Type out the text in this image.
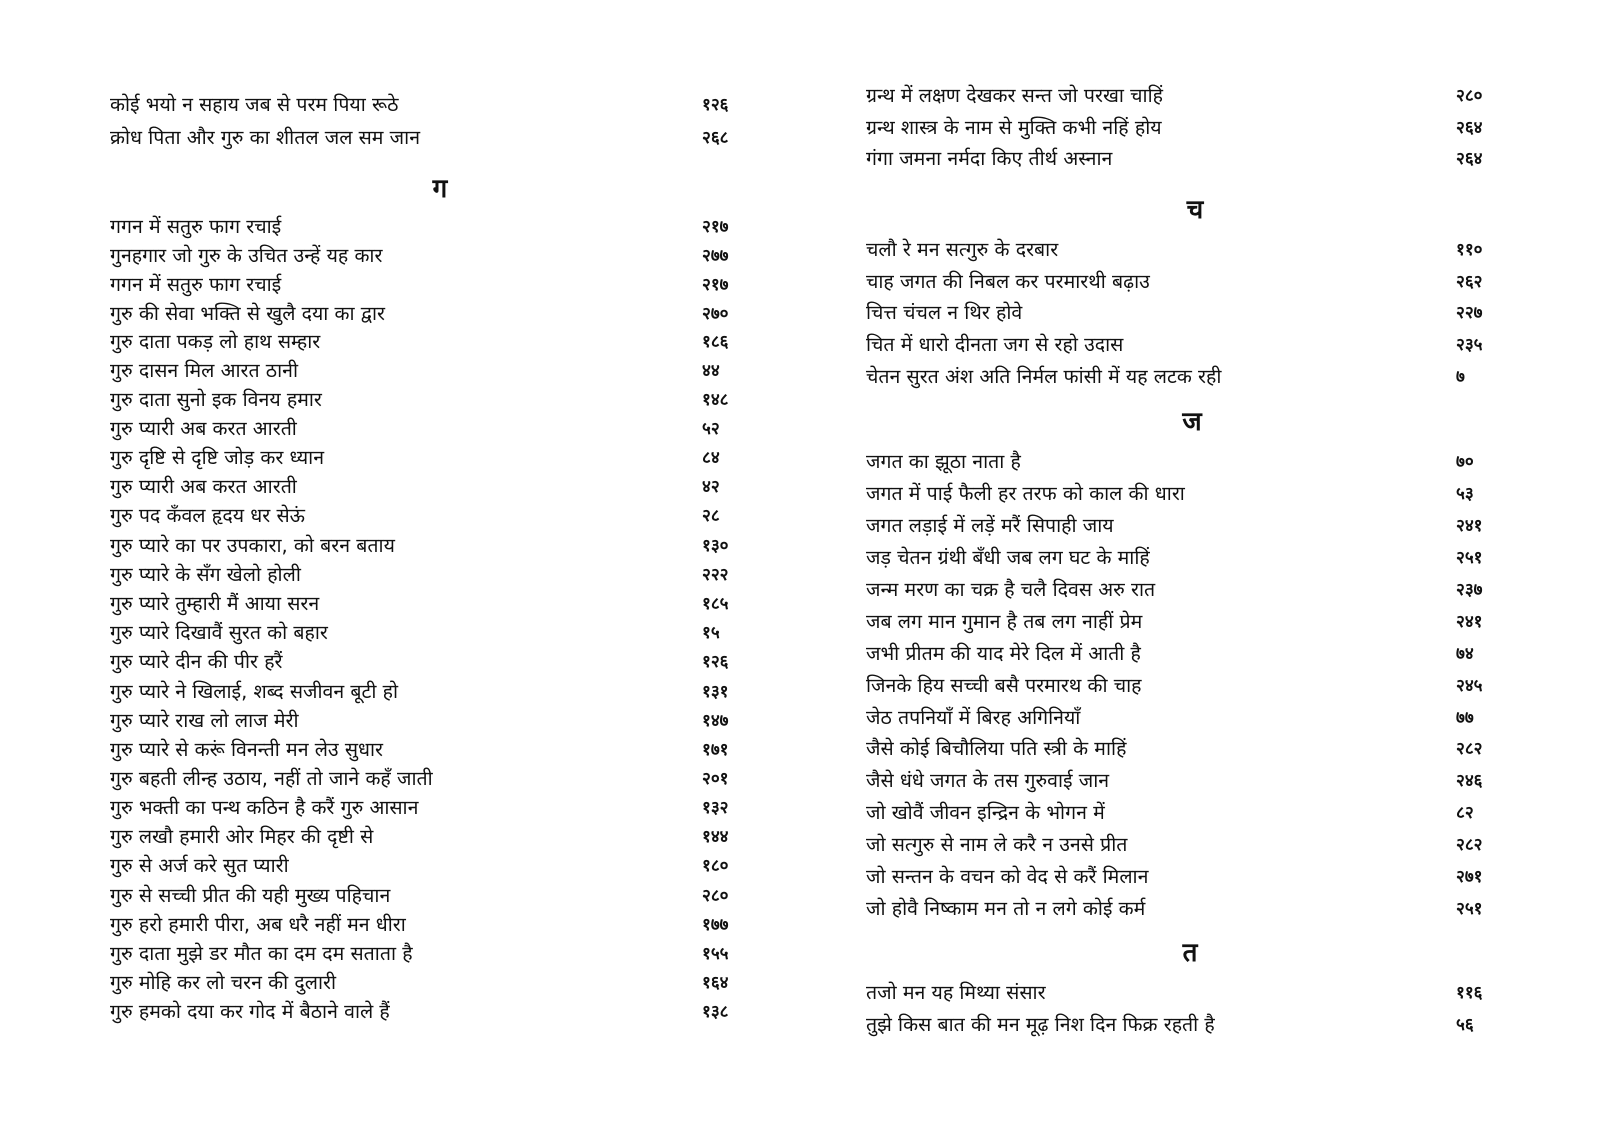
कोई भयो न सहाय जब से परम पिया रूठे	१२६
क्रोध पिता और गुरु का शीतल जल सम जान	२६८
ग
गगन में सतुरु फाग रचाई	२१७
गुनहगार जो गुरु के उचित उन्हें यह कार	२७७
गगन में सतुरु फाग रचाई	२१७
गुरु की सेवा भक्ति से खुलै दया का द्वार	२७०
गुरु दाता पकड़ लो हाथ सम्हार	१८६
गुरु दासन मिल आरत ठानी	४४
गुरु दाता सुनो इक विनय हमार	१४८
गुरु प्यारी अब करत आरती	५२
गुरु दृष्टि से दृष्टि जोड़ कर ध्यान	८४
गुरु प्यारी अब करत आरती	४२
गुरु पद कँवल हृदय धर सेऊं	२८
गुरु प्यारे का पर उपकारा, को बरन बताय	१३०
गुरु प्यारे के सँग खेलो होली	२२२
गुरु प्यारे तुम्हारी मैं आया सरन	१८५
गुरु प्यारे दिखावैं सुरत को बहार	१५
गुरु प्यारे दीन की पीर हरैं	१२६
गुरु प्यारे ने खिलाई, शब्द सजीवन बूटी हो	१३१
गुरु प्यारे राख लो लाज मेरी	१४७
गुरु प्यारे से करूं विनन्ती मन लेउ सुधार	१७१
गुरु बहती लीन्ह उठाय, नहीं तो जाने कहँ जाती	२०१
गुरु भक्ती का पन्थ कठिन है करैं गुरु आसान	१३२
गुरु लखौ हमारी ओर मिहर की दृष्टी से	१४४
गुरु से अर्ज करे सुत प्यारी	१८०
गुरु से सच्ची प्रीत की यही मुख्य पहिचान	२८०
गुरु हरो हमारी पीरा, अब धरै नहीं मन धीरा	१७७
गुरु दाता मुझे डर मौत का दम दम सताता है	१५५
गुरु मोहि कर लो चरन की दुलारी	१६४
गुरु हमको दया कर गोद में बैठाने वाले हैं	१३८
ग्रन्थ में लक्षण देखकर सन्त जो परखा चाहिं	२८०
ग्रन्थ शास्त्र के नाम से मुक्ति कभी नहिं होय	२६४
गंगा जमना नर्मदा किए तीर्थ अस्नान	२६४
च
चलौ रे मन सत्गुरु के दरबार	११०
चाह जगत की निबल कर परमारथी बढ़ाउ	२६२
चित्त चंचल न थिर होवे	२२७
चित में धारो दीनता जग से रहो उदास	२३५
चेतन सुरत अंश अति निर्मल फांसी में यह लटक रही	७
ज
जगत का झूठा नाता है	७०
जगत में पाई फैली हर तरफ को काल की धारा	५३
जगत लड़ाई में लड़ें मरैं सिपाही जाय	२४१
जड़ चेतन ग्रंथी बँधी जब लग घट के माहिं	२५१
जन्म मरण का चक्र है चलै दिवस अरु रात	२३७
जब लग मान गुमान है तब लग नाहीं प्रेम	२४१
जभी प्रीतम की याद मेरे दिल में आती है	७४
जिनके हिय सच्ची बसै परमारथ की चाह	२४५
जेठ तपनियाँ में बिरह अगिनियाँ	७७
जैसे कोई बिचौलिया पति स्त्री के माहिं	२८२
जैसे धंधे जगत के तस गुरुवाई जान	२४६
जो खोवैं जीवन इन्द्रिन के भोगन में	८२
जो सत्गुरु से नाम ले करै न उनसे प्रीत	२८२
जो सन्तन के वचन को वेद से करैं मिलान	२७१
जो होवै निष्काम मन तो न लगे कोई कर्म	२५१
त
तजो मन यह मिथ्या संसार	११६
तुझे किस बात की मन मूढ़ निश दिन फिक्र रहती है	५६
